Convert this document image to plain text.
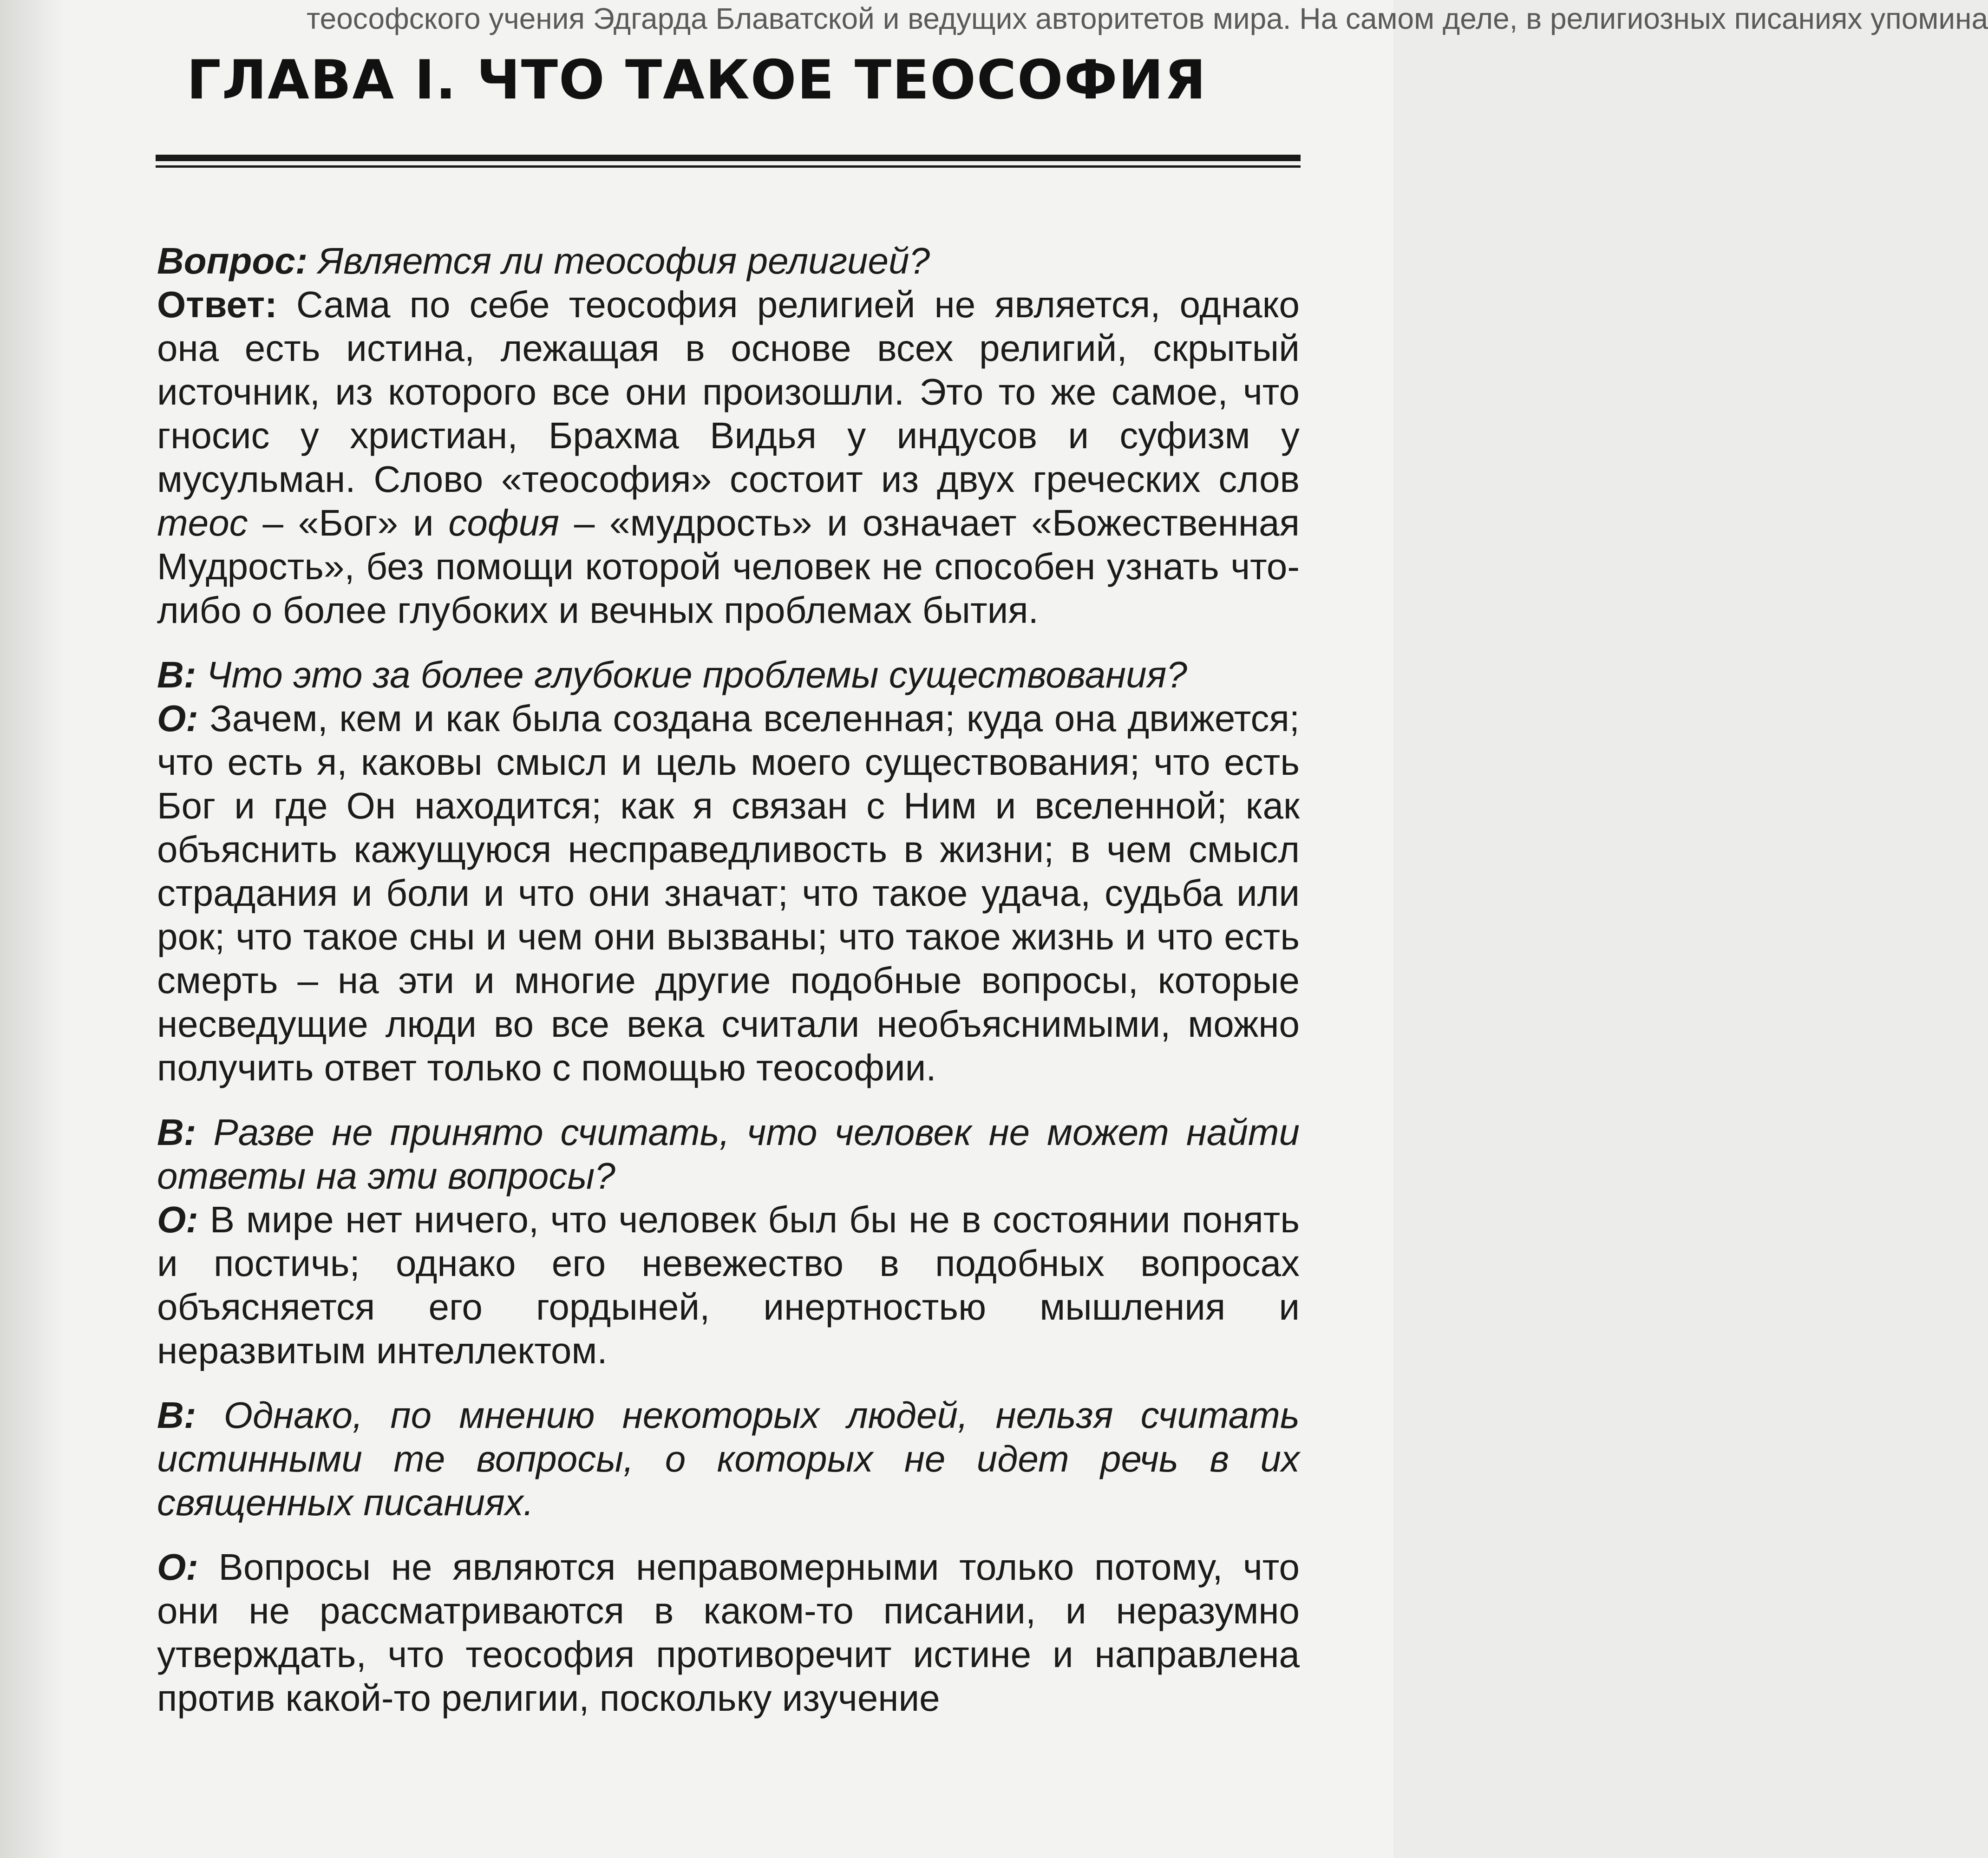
теософского учения Эдгарда Блаватской и ведущих авторитетов мира. На самом деле, в религиозных писаниях упомина
ГЛАВА I. ЧТО ТАКОЕ ТЕОСОФИЯ

Вопрос: Является ли теософия религией?

Ответ: Сама по себе теософия религией не является, однако она есть истина, лежащая в основе всех религий, скрытый источник, из которого все они произошли. Это то же самое, что гносис у христиан, Брахма Видья у индусов и суфизм у мусульман. Слово «теософия» состоит из двух греческих слов теос – «Бог» и софия – «мудрость» и означает «Божественная Мудрость», без помощи которой человек не способен узнать что-либо о более глубоких и вечных проблемах бытия.

В: Что это за более глубокие проблемы существования?

О: Зачем, кем и как была создана вселенная; куда она движется; что есть я, каковы смысл и цель моего существования; что есть Бог и где Он находится; как я связан с Ним и вселенной; как объяснить кажущуюся несправедливость в жизни; в чем смысл страдания и боли и что они значат; что такое удача, судьба или рок; что такое сны и чем они вызваны; что такое жизнь и что есть смерть – на эти и многие другие подобные вопросы, которые несведущие люди во все века считали необъяснимыми, можно получить ответ только с помощью теософии.

В: Разве не принято считать, что человек не может найти ответы на эти вопросы?

О: В мире нет ничего, что человек был бы не в состоянии понять и постичь; однако его невежество в подобных вопросах объясняется его гордыней, инертностью мышления и неразвитым интеллектом.

В: Однако, по мнению некоторых людей, нельзя считать истинными те вопросы, о которых не идет речь в их священных писаниях.

О: Вопросы не являются неправомерными только потому, что они не рассматриваются в каком-то писании, и неразумно утверждать, что теософия противоречит истине и направлена против какой-то религии, поскольку изучение
